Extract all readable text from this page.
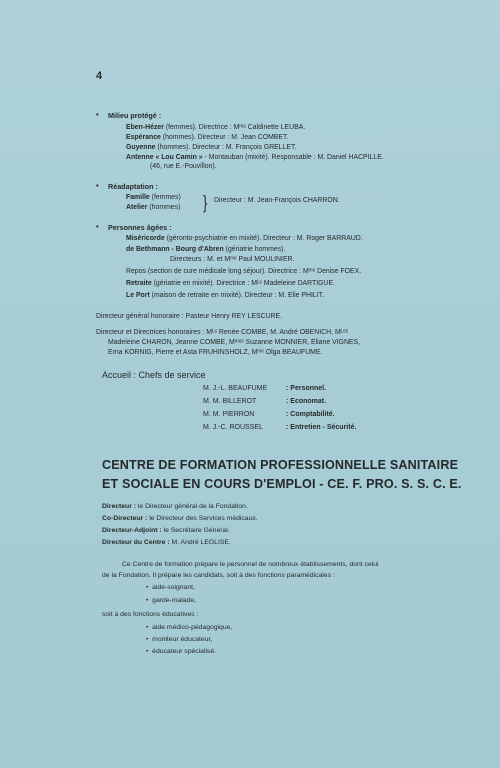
4
• Milieu protégé :
Eben-Hézer (femmes). Directrice : Mᵐᵉ Caldinette LEUBA.
Espérance (hommes). Directeur : M. Jean COMBET.
Guyenne (hommes). Directeur : M. François GRELLET.
Antenne « Lou Camin » - Montauban (mixité). Responsable : M. Daniel HACPILLE.
(46, rue E.-Pouvillon).
• Réadaptation :
Famille (femmes)
Atelier (hommes) } Directeur : M. Jean-François CHARRON.
• Personnes âgées :
Miséricorde (géronto-psychiatrie en mixité). Directeur : M. Roger BARRAUD.
de Bethmann - Bourg d'Abren (gériatrie hommes).
Directeurs : M. et Mᵐᵉ Paul MOULINIER.
Repos (section de cure médicale long séjour). Directrice : Mᵐᵉ Denise FOEX.
Retraite (gériatrie en mixité). Directrice : Mᴸᵉ Madeleine DARTIGUE.
Le Port (maison de retraite en mixité). Directeur : M. Elie PHILIT.
Directeur général honoraire : Pasteur Henry REY LESCURE.
Directeur et Directrices honoraires : Mᴸᵉ Renée COMBE, M. André OBENICH, Mᴸᵉˢ
Madeleine CHARON, Jeanne COMBE, Mᵐᵉˢ Suzanne MONNIER, Eliane VIGNES,
Erna KORNIG, Pierre et Asta FRUHINSHOLZ, Mᵐᵉ Olga BEAUFUME.
Accueil : Chefs de service
M. J.-L. BEAUFUME	: Personnel.
M. M. BILLEROT	: Economat.
M. M. PIERRON	: Comptabilité.
M. J.-C. ROUSSEL	: Entretien - Sécurité.
CENTRE DE FORMATION PROFESSIONNELLE SANITAIRE
ET SOCIALE EN COURS D'EMPLOI - CE. F. PRO. S. S. C. E.
Directeur : le Directeur général de la Fondation.
Co-Directeur : le Directeur des Services médicaux.
Directeur-Adjoint : le Secrétaire Général.
Directeur du Centre : M. André LEGLISE.
Ce Centre de formation prépare le personnel de nombreux établissements, dont celui
de la Fondation. Il prépare les candidats, soit à des fonctions paramédicales :
•  aide-soignant,
•  garde-malade,
soit à des fonctions éducatives :
•  aide médico-pédagogique,
•  moniteur éducateur,
•  éducateur spécialisé.
